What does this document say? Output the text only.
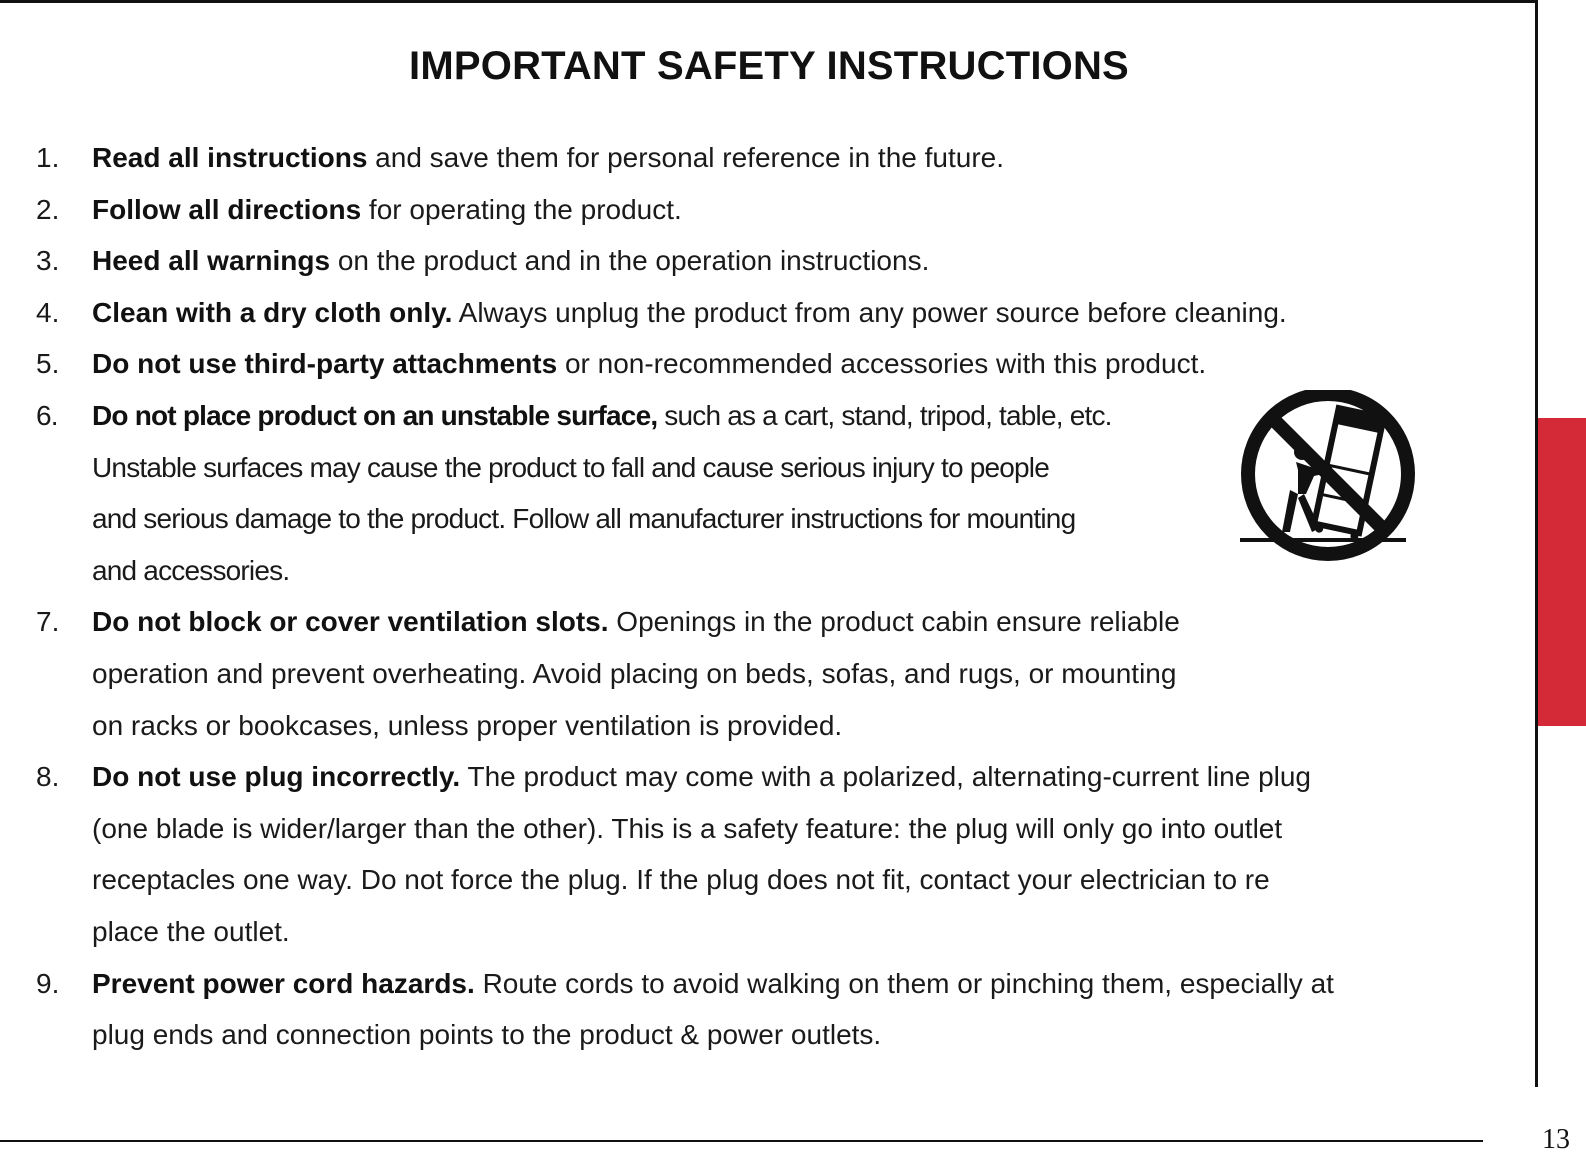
13
IMPORTANT SAFETY INSTRUCTIONS
1. Read all instructions and save them for personal reference in the future.
2. Follow all directions for operating the product.
3. Heed all warnings on the product and in the operation instructions.
4. Clean with a dry cloth only. Always unplug the product from any power source before cleaning.
5. Do not use third-party attachments or non-recommended accessories with this product.
6. Do not place product on an unstable surface, such as a cart, stand, tripod, table, etc.
Unstable surfaces may cause the product to fall and cause serious injury to people
and serious damage to the product. Follow all manufacturer instructions for mounting
and accessories.
7. Do not block or cover ventilation slots. Openings in the product cabin ensure reliable
operation and prevent overheating. Avoid placing on beds, sofas, and rugs, or mounting
on racks or bookcases, unless proper ventilation is provided.
8. Do not use plug incorrectly. The product may come with a polarized, alternating-current line plug
(one blade is wider/larger than the other). This is a safety feature: the plug will only go into outlet
receptacles one way. Do not force the plug. If the plug does not fit, contact your electrician to re
place the outlet.
9. Prevent power cord hazards. Route cords to avoid walking on them or pinching them, especially at
plug ends and connection points to the product & power outlets.
